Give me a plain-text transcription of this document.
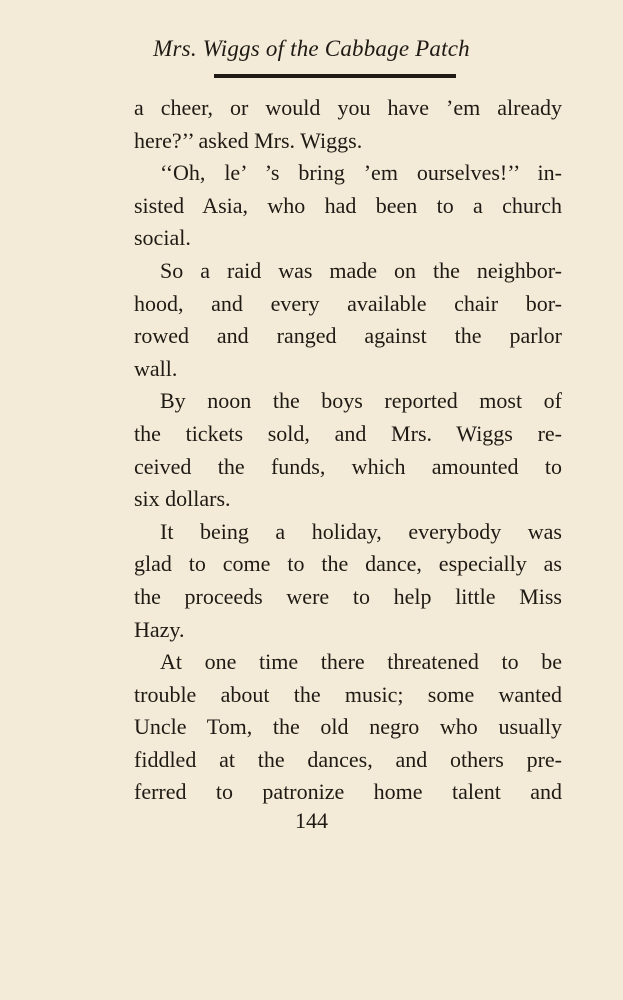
Mrs. Wiggs of the Cabbage Patch
a cheer, or would you have ’em already
here?’’ asked Mrs. Wiggs.
‘‘Oh, le’ ’s bring ’em ourselves!’’ in-
sisted Asia, who had been to a church
social.
So a raid was made on the neighbor-
hood, and every available chair bor-
rowed and ranged against the parlor
wall.
By noon the boys reported most of
the tickets sold, and Mrs. Wiggs re-
ceived the funds, which amounted to
six dollars.
It being a holiday, everybody was
glad to come to the dance, especially as
the proceeds were to help little Miss
Hazy.
At one time there threatened to be
trouble about the music; some wanted
Uncle Tom, the old negro who usually
fiddled at the dances, and others pre-
ferred to patronize home talent and
144
